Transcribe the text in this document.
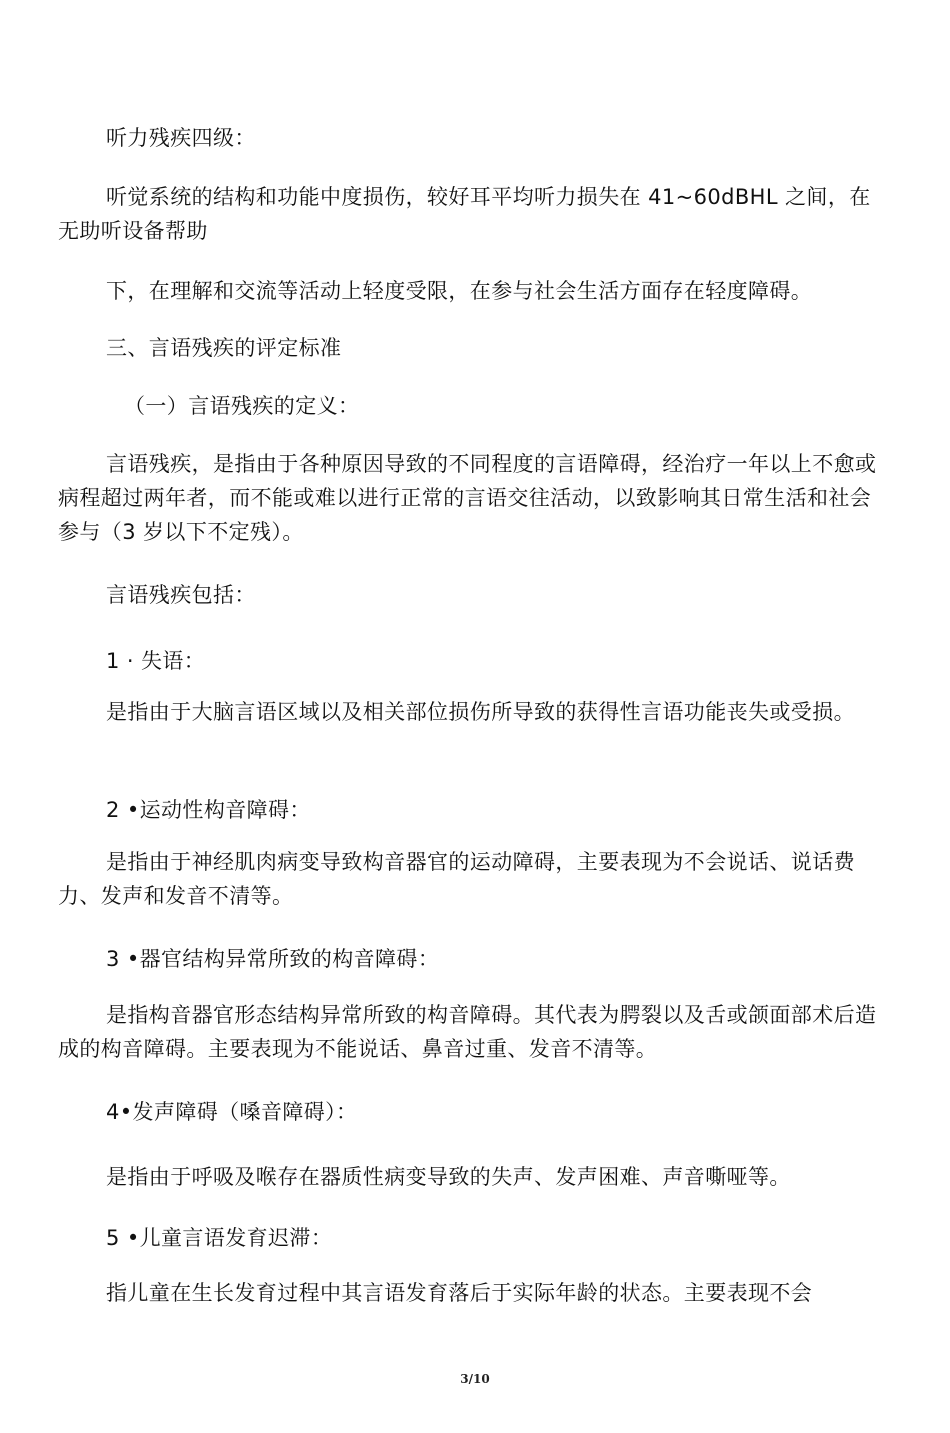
听力残疾四级：

听觉系统的结构和功能中度损伤，较好耳平均听力损失在 41~60dBHL 之间，在无助听设备帮助

下，在理解和交流等活动上轻度受限，在参与社会生活方面存在轻度障碍。

三、言语残疾的评定标准

（一）言语残疾的定义：

言语残疾，是指由于各种原因导致的不同程度的言语障碍，经治疗一年以上不愈或病程超过两年者，而不能或难以进行正常的言语交往活动，以致影响其日常生活和社会参与（3 岁以下不定残）。

言语残疾包括：

1 · 失语：

是指由于大脑言语区域以及相关部位损伤所导致的获得性言语功能丧失或受损。

2 •运动性构音障碍：

是指由于神经肌肉病变导致构音器官的运动障碍，主要表现为不会说话、说话费力、发声和发音不清等。

3 •器官结构异常所致的构音障碍：

是指构音器官形态结构异常所致的构音障碍。其代表为腭裂以及舌或颌面部术后造成的构音障碍。主要表现为不能说话、鼻音过重、发音不清等。

4•发声障碍（嗓音障碍）：

是指由于呼吸及喉存在器质性病变导致的失声、发声困难、声音嘶哑等。

5 •儿童言语发育迟滞：

指儿童在生长发育过程中其言语发育落后于实际年龄的状态。主要表现不会

3/10
